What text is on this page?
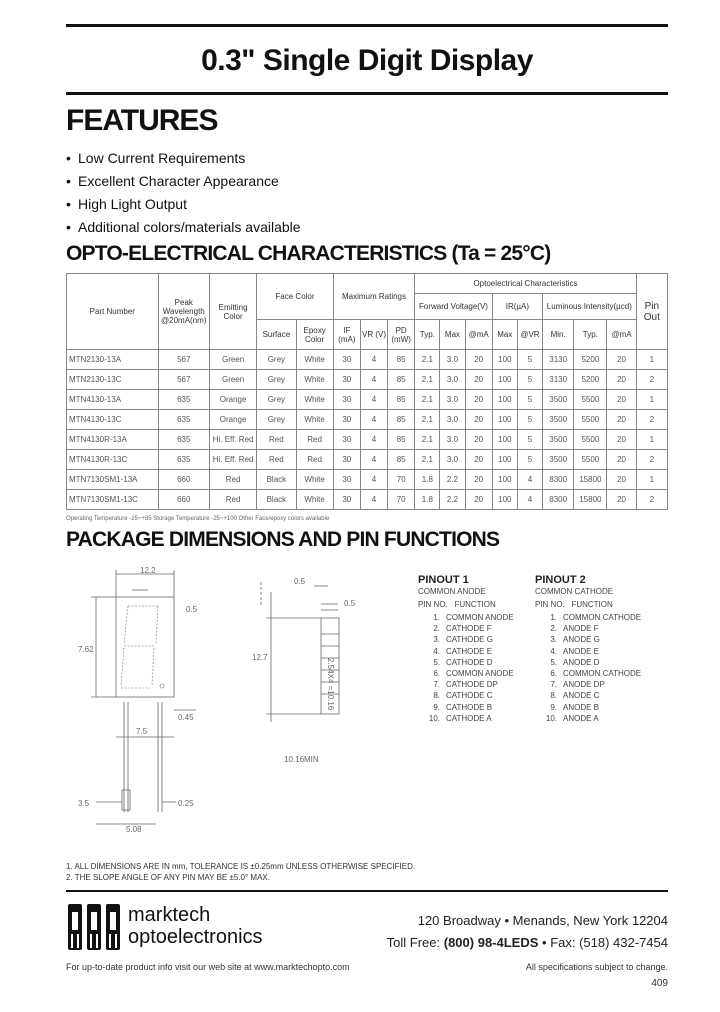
0.3" Single Digit Display
FEATURES
• Low Current Requirements
• Excellent Character Appearance
• High Light Output
• Additional colors/materials available
OPTO-ELECTRICAL CHARACTERISTICS (Ta = 25°C)
Part Number	Peak Wavelength @20mA(nm)	Emitting Color	Face Color		Maximum Ratings			Optoelectrical Characteristics								Pin Out
								Forward Voltage(V)			IR(µA)		Luminous Intensity(µcd)			
			Surface	Epoxy Color	IF (mA)	VR (V)	PD (mW)	Typ.	Max	@mA	Max	@VR	Min.	Typ.	@mA	
MTN2130-13A	567	Green	Grey	White	30	4	85	2.1	3.0	20	100	5	3130	5200	20	1
MTN2130-13C	567	Green	Grey	White	30	4	85	2.1	3.0	20	100	5	3130	5200	20	2
MTN4130-13A	635	Orange	Grey	White	30	4	85	2.1	3.0	20	100	5	3500	5500	20	1
MTN4130-13C	635	Orange	Grey	White	30	4	85	2.1	3.0	20	100	5	3500	5500	20	2
MTN4130R-13A	635	Hi. Eff. Red	Red	Red	30	4	85	2.1	3.0	20	100	5	3500	5500	20	1
MTN4130R-13C	635	Hi. Eff. Red	Red	Red	30	4	85	2.1	3.0	20	100	5	3500	5500	20	2
MTN7130SM1-13A	660	Red	Black	White	30	4	70	1.8	2.2	20	100	4	8300	15800	20	1
MTN7130SM1-13C	660	Red	Black	White	30	4	70	1.8	2.2	20	100	4	8300	15800	20	2
Operating Temperature -25~+85 Storage Temperature -25~+100 Other Face/epoxy colors available
PACKAGE DIMENSIONS AND PIN FUNCTIONS
12.2
7.62
0.5
0.45
7.5
3.5	0.25
5.08
12.7
0.5
0.5
2.54X4 =10.16
10.16MIN
PINOUT 1
COMMON ANODE
PIN NO. FUNCTION
1. COMMON ANODE
2. CATHODE F
3. CATHODE G
4. CATHODE E
5. CATHODE D
6. COMMON ANODE
7. CATHODE DP
8. CATHODE C
9. CATHODE B
10. CATHODE A
PINOUT 2
COMMON CATHODE
PIN NO. FUNCTION
1. COMMON CATHODE
2. ANODE F
3. ANODE G
4. ANODE E
5. ANODE D
6. COMMON CATHODE
7. ANODE DP
8. ANODE C
9. ANODE B
10. ANODE A
1. ALL DIMENSIONS ARE IN mm, TOLERANCE IS ±0.25mm UNLESS OTHERWISE SPECIFIED.
2. THE SLOPE ANGLE OF ANY PIN MAY BE ±5.0° MAX.
marktech
optoelectronics
120 Broadway • Menands, New York 12204
Toll Free: (800) 98-4LEDS • Fax: (518) 432-7454
For up-to-date product info visit our web site at www.marktechopto.com	All specifications subject to change.
409
